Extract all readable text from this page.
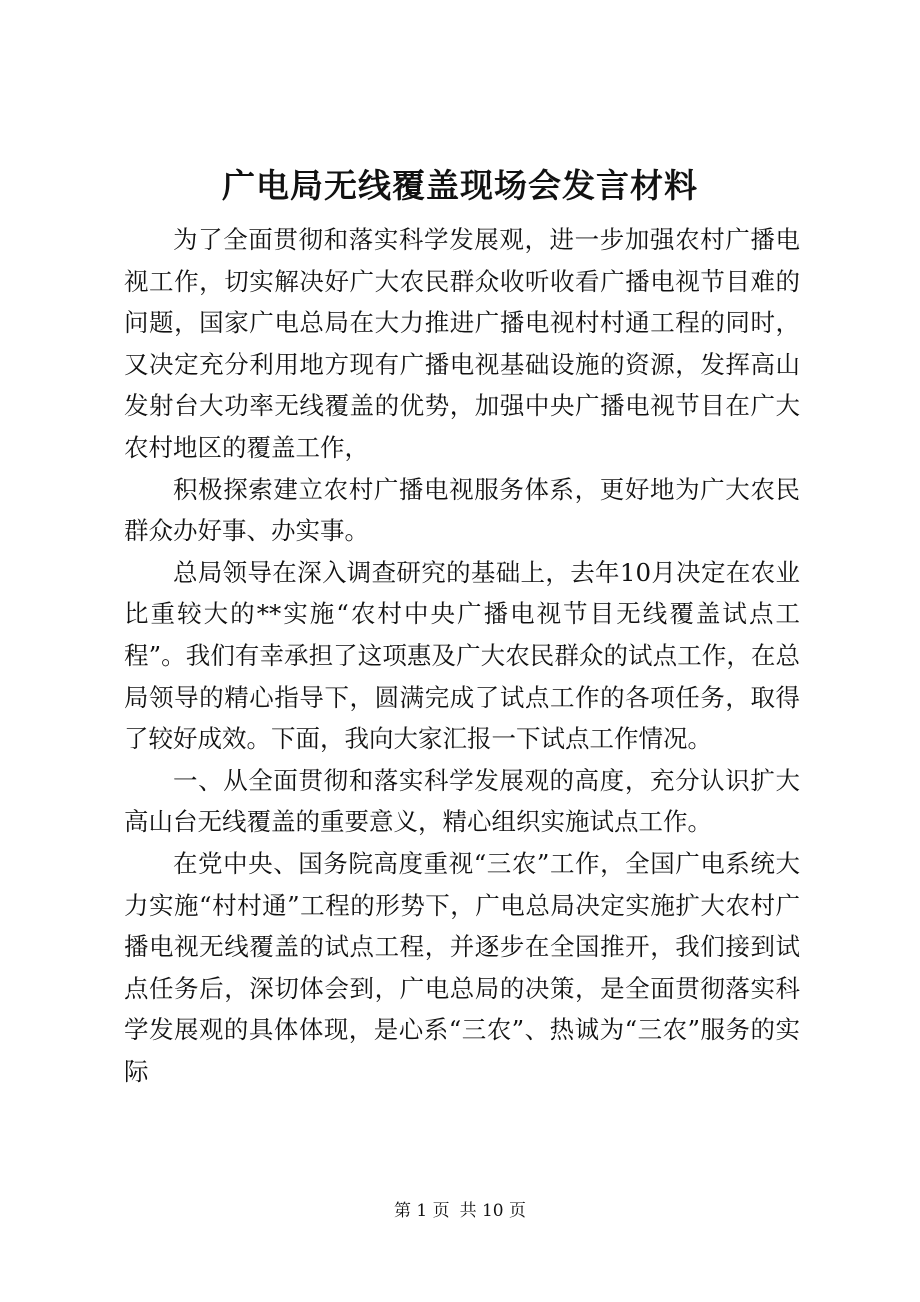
广电局无线覆盖现场会发言材料

为了全面贯彻和落实科学发展观，进一步加强农村广播电视工作，切实解决好广大农民群众收听收看广播电视节目难的问题，国家广电总局在大力推进广播电视村村通工程的同时，又决定充分利用地方现有广播电视基础设施的资源，发挥高山发射台大功率无线覆盖的优势，加强中央广播电视节目在广大农村地区的覆盖工作，

积极探索建立农村广播电视服务体系，更好地为广大农民群众办好事、办实事。

总局领导在深入调查研究的基础上，去年10月决定在农业比重较大的**实施“农村中央广播电视节目无线覆盖试点工程”。我们有幸承担了这项惠及广大农民群众的试点工作，在总局领导的精心指导下，圆满完成了试点工作的各项任务，取得了较好成效。下面，我向大家汇报一下试点工作情况。

一、从全面贯彻和落实科学发展观的高度，充分认识扩大高山台无线覆盖的重要意义，精心组织实施试点工作。

在党中央、国务院高度重视“三农”工作，全国广电系统大力实施“村村通”工程的形势下，广电总局决定实施扩大农村广播电视无线覆盖的试点工程，并逐步在全国推开，我们接到试点任务后，深切体会到，广电总局的决策，是全面贯彻落实科学发展观的具体体现，是心系“三农”、热诚为“三农”服务的实际

第 1 页 共 10 页
